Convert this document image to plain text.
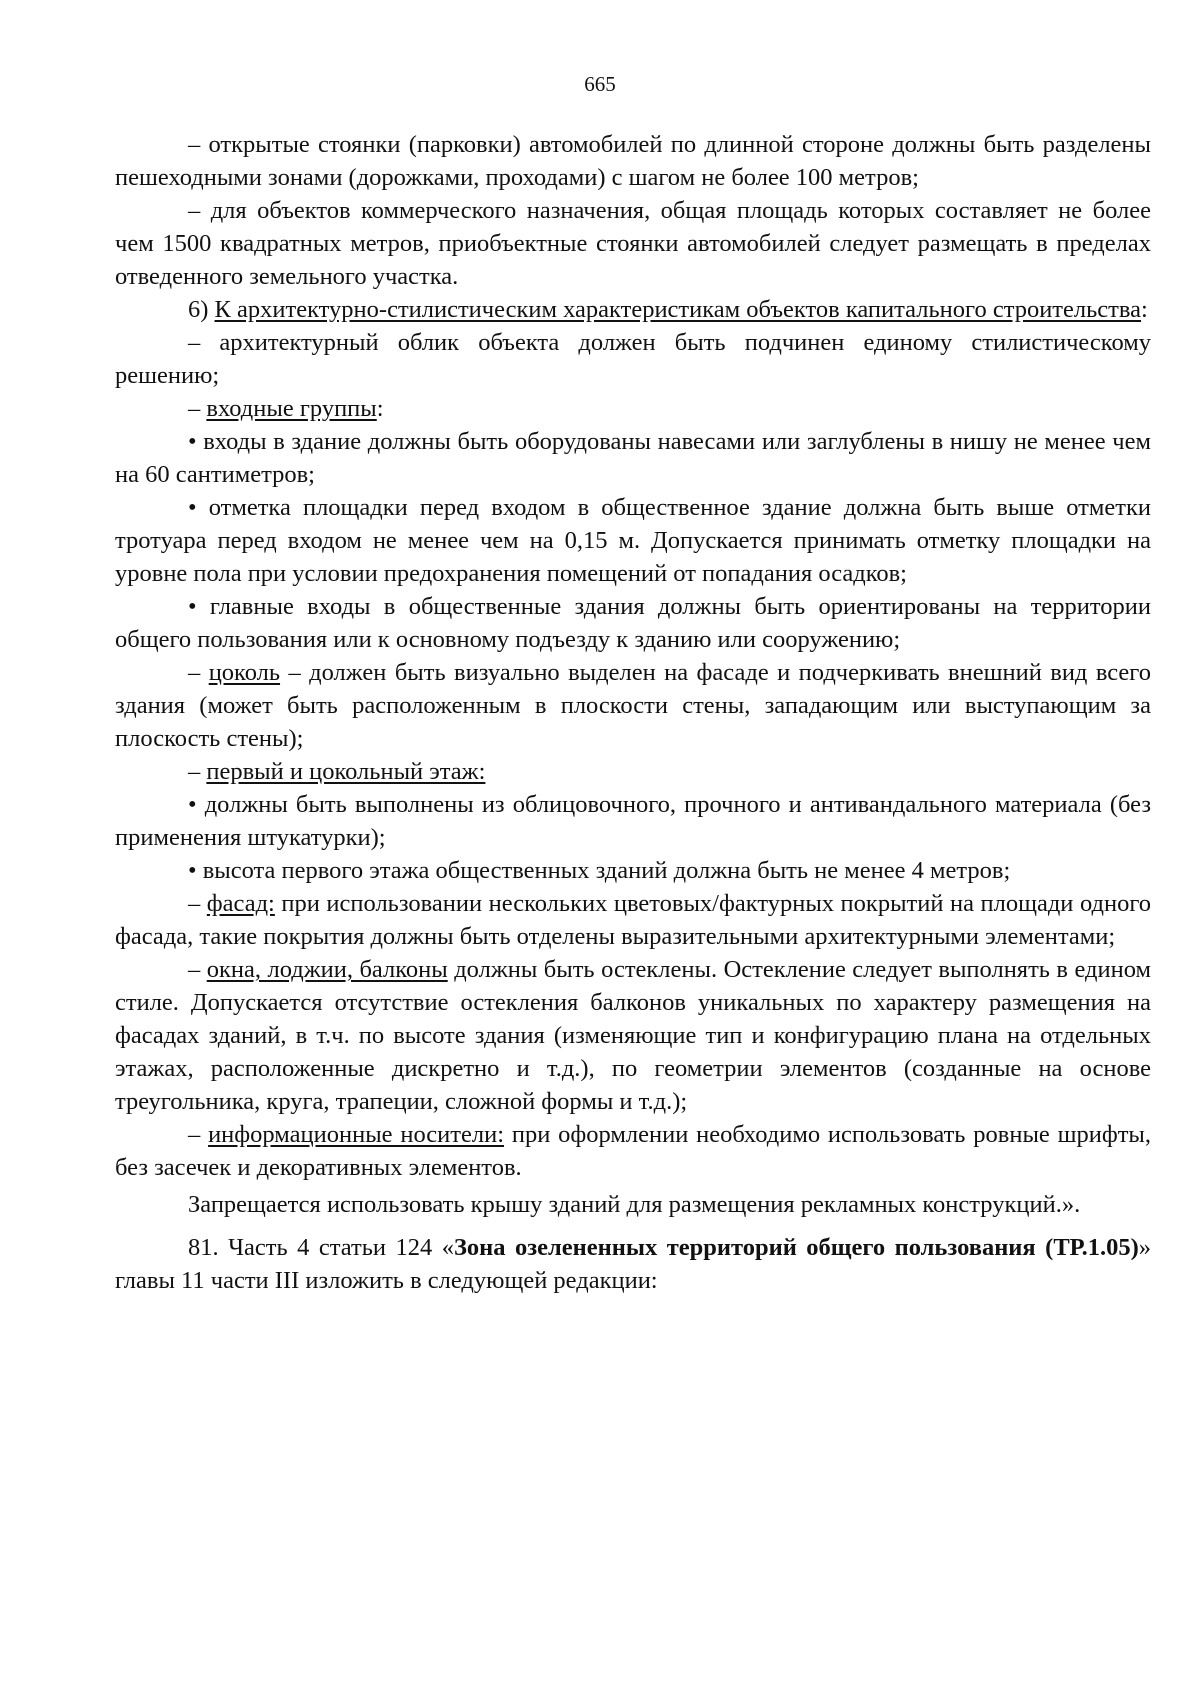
665

– открытые стоянки (парковки) автомобилей по длинной стороне должны быть разделены пешеходными зонами (дорожками, проходами) с шагом не более 100 метров;

– для объектов коммерческого назначения, общая площадь которых составляет не более чем 1500 квадратных метров, приобъектные стоянки автомобилей следует размещать в пределах отведенного земельного участка.

6) К архитектурно-стилистическим характеристикам объектов капитального строительства:

– архитектурный облик объекта должен быть подчинен единому стилистическому решению;

– входные группы:

• входы в здание должны быть оборудованы навесами или заглублены в нишу не менее чем на 60 сантиметров;

• отметка площадки перед входом в общественное здание должна быть выше отметки тротуара перед входом не менее чем на 0,15 м. Допускается принимать отметку площадки на уровне пола при условии предохранения помещений от попадания осадков;

• главные входы в общественные здания должны быть ориентированы на территории общего пользования или к основному подъезду к зданию или сооружению;

– цоколь – должен быть визуально выделен на фасаде и подчеркивать внешний вид всего здания (может быть расположенным в плоскости стены, западающим или выступающим за плоскость стены);

– первый и цокольный этаж:

• должны быть выполнены из облицовочного, прочного и антивандального материала (без применения штукатурки);

• высота первого этажа общественных зданий должна быть не менее 4 метров;

– фасад: при использовании нескольких цветовых/фактурных покрытий на площади одного фасада, такие покрытия должны быть отделены выразительными архитектурными элементами;

– окна, лоджии, балконы должны быть остеклены. Остекление следует выполнять в едином стиле. Допускается отсутствие остекления балконов уникальных по характеру размещения на фасадах зданий, в т.ч. по высоте здания (изменяющие тип и конфигурацию плана на отдельных этажах, расположенные дискретно и т.д.), по геометрии элементов (созданные на основе треугольника, круга, трапеции, сложной формы и т.д.);

– информационные носители: при оформлении необходимо использовать ровные шрифты, без засечек и декоративных элементов.

Запрещается использовать крышу зданий для размещения рекламных конструкций.».

81. Часть 4 статьи 124 «Зона озелененных территорий общего пользования (ТР.1.05)» главы 11 части III изложить в следующей редакции:
